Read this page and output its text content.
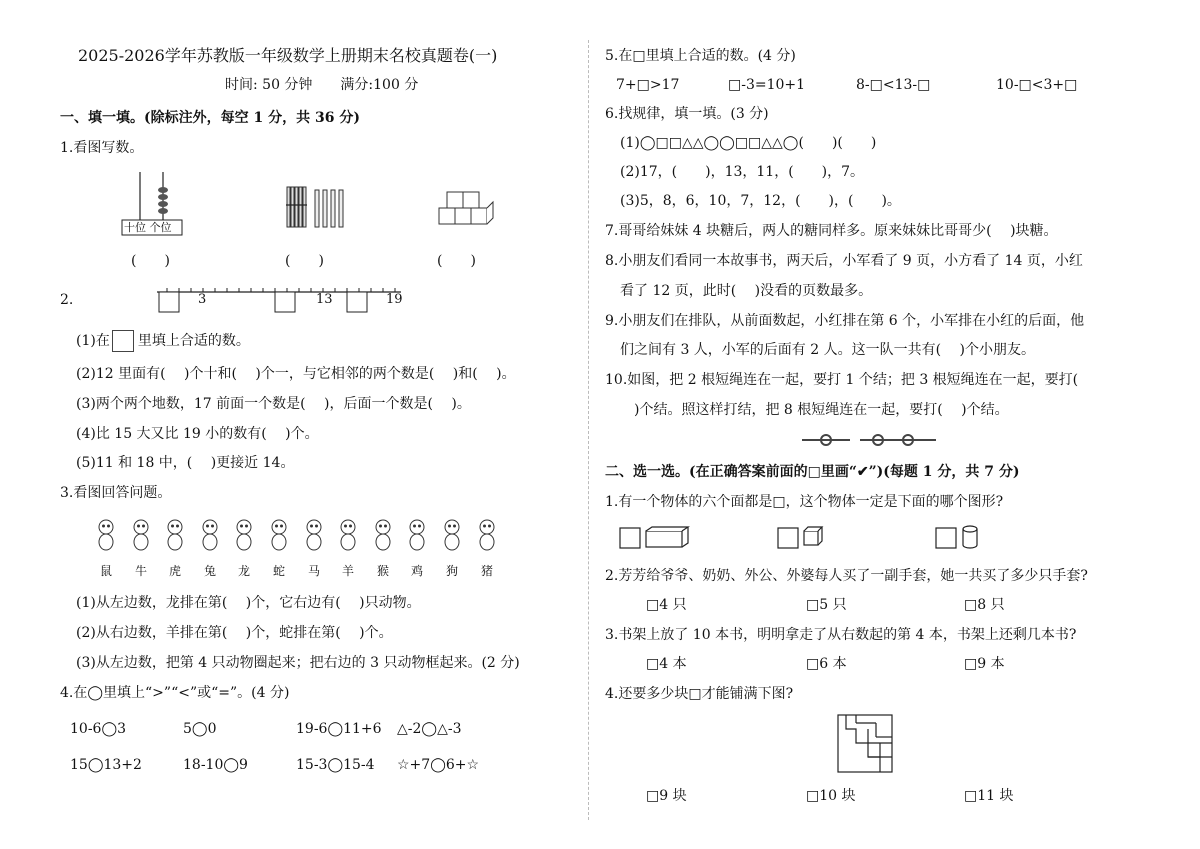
2025-2026学年苏教版一年级数学上册期末名校真题卷(一)
时间: 50 分钟　　满分:100 分
一、填一填。(除标注外，每空 1 分，共 36 分)
1.看图写数。
十位 个位
(　　)	(　　)	(　　)
2.	3	13	19
(1)在　　里填上合适的数。
(2)12 里面有(　 )个十和(　 )个一，与它相邻的两个数是(　 )和(　 )。
(3)两个两个地数，17 前面一个数是(　 )，后面一个数是(　 )。
(4)比 15 大又比 19 小的数有(　 )个。
(5)11 和 18 中，(　 )更接近 14。
3.看图回答问题。
鼠	牛	虎	兔	龙	蛇	马	羊	猴	鸡	狗	猪
(1)从左边数，龙排在第(　 )个，它右边有(　 )只动物。
(2)从右边数，羊排在第(　 )个，蛇排在第(　 )个。
(3)从左边数，把第 4 只动物圈起来；把右边的 3 只动物框起来。(2 分)
4.在◯里填上“>”“<”或“=”。(4 分)
10-6◯3	5◯0	19-6◯11+6 △-2◯△-3
15◯13+2	18-10◯9	15-3◯15-4 ☆+7◯6+☆
5.在□里填上合适的数。(4 分)
7+□>17	□-3=10+1	8-□<13-□	10-□<3+□
6.找规律，填一填。(3 分)
(1)◯□□△△◯◯□□△△◯(　　)(　　)
(2)17，(　　)，13，11，(　　)，7。
(3)5，8，6，10，7，12，(　　)，(　　)。
7.哥哥给妹妹 4 块糖后，两人的糖同样多。原来妹妹比哥哥少(　 )块糖。
8.小朋友们看同一本故事书，两天后，小军看了 9 页，小方看了 14 页，小红
看了 12 页，此时(　 )没看的页数最多。
9.小朋友们在排队，从前面数起，小红排在第 6 个，小军排在小红的后面，他
们之间有 3 人，小军的后面有 2 人。这一队一共有(　 )个小朋友。
10.如图，把 2 根短绳连在一起，要打 1 个结；把 3 根短绳连在一起，要打(
)个结。照这样打结，把 8 根短绳连在一起，要打(　 )个结。
二、选一选。(在正确答案前面的□里画“✔”)(每题 1 分，共 7 分)
1.有一个物体的六个面都是□，这个物体一定是下面的哪个图形?
2.芳芳给爷爷、奶奶、外公、外婆每人买了一副手套，她一共买了多少只手套?
□4 只	□5 只	□8 只
3.书架上放了 10 本书，明明拿走了从右数起的第 4 本，书架上还剩几本书?
□4 本	□6 本	□9 本
4.还要多少块□才能铺满下图?
□9 块	□10 块	□11 块
